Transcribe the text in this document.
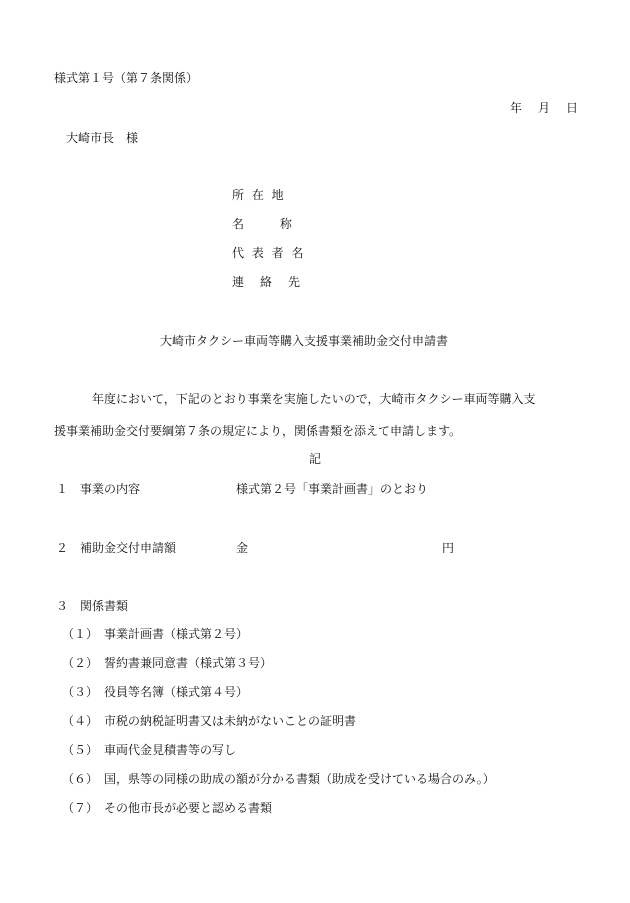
様式第１号（第７条関係）
年　月　日
大崎市長　様
所 在 地
名　　 称
代 表 者 名
連　絡　先
大崎市タクシー車両等購入支援事業補助金交付申請書
年度において，下記のとおり事業を実施したいので，大崎市タクシー車両等購入支
援事業補助金交付要綱第７条の規定により，関係書類を添えて申請します。
記
１ 事業の内容	様式第２号「事業計画書」のとおり
２ 補助金交付申請額	金	円
３ 関係書類
（１） 事業計画書（様式第２号）
（２） 誓約書兼同意書（様式第３号）
（３） 役員等名簿（様式第４号）
（４） 市税の納税証明書又は未納がないことの証明書
（５） 車両代金見積書等の写し
（６） 国，県等の同様の助成の額が分かる書類（助成を受けている場合のみ。）
（７） その他市長が必要と認める書類
